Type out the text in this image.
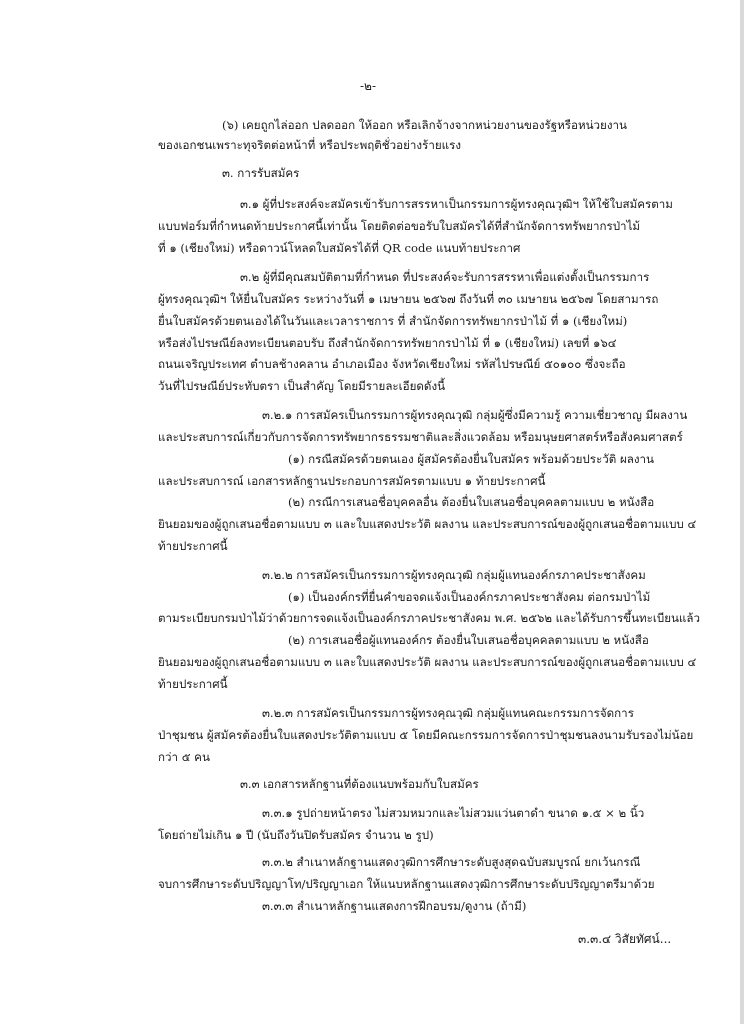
-๒-
(๖) เคยถูกไล่ออก ปลดออก ให้ออก หรือเลิกจ้างจากหน่วยงานของรัฐหรือหน่วยงาน
ของเอกชนเพราะทุจริตต่อหน้าที่ หรือประพฤติชั่วอย่างร้ายแรง
๓. การรับสมัคร
๓.๑ ผู้ที่ประสงค์จะสมัครเข้ารับการสรรหาเป็นกรรมการผู้ทรงคุณวุฒิฯ ให้ใช้ใบสมัครตาม
แบบฟอร์มที่กำหนดท้ายประกาศนี้เท่านั้น โดยติดต่อขอรับใบสมัครได้ที่สำนักจัดการทรัพยากรป่าไม้
ที่ ๑ (เชียงใหม่) หรือดาวน์โหลดใบสมัครได้ที่ QR code แนบท้ายประกาศ
๓.๒ ผู้ที่มีคุณสมบัติตามที่กำหนด ที่ประสงค์จะรับการสรรหาเพื่อแต่งตั้งเป็นกรรมการ
ผู้ทรงคุณวุฒิฯ ให้ยื่นใบสมัคร ระหว่างวันที่ ๑ เมษายน ๒๕๖๗ ถึงวันที่ ๓๐ เมษายน ๒๕๖๗ โดยสามารถ
ยื่นใบสมัครด้วยตนเองได้ในวันและเวลาราชการ ที่ สำนักจัดการทรัพยากรป่าไม้ ที่ ๑ (เชียงใหม่)
หรือส่งไปรษณีย์ลงทะเบียนตอบรับ ถึงสำนักจัดการทรัพยากรป่าไม้ ที่ ๑ (เชียงใหม่) เลขที่ ๑๖๔
ถนนเจริญประเทศ ตำบลช้างคลาน อำเภอเมือง จังหวัดเชียงใหม่ รหัสไปรษณีย์ ๕๐๑๐๐ ซึ่งจะถือ
วันที่ไปรษณีย์ประทับตรา เป็นสำคัญ โดยมีรายละเอียดดังนี้
๓.๒.๑ การสมัครเป็นกรรมการผู้ทรงคุณวุฒิ กลุ่มผู้ซึ่งมีความรู้ ความเชี่ยวชาญ มีผลงาน
และประสบการณ์เกี่ยวกับการจัดการทรัพยากรธรรมชาติและสิ่งแวดล้อม หรือมนุษยศาสตร์หรือสังคมศาสตร์
(๑) กรณีสมัครด้วยตนเอง ผู้สมัครต้องยื่นใบสมัคร พร้อมด้วยประวัติ ผลงาน
และประสบการณ์ เอกสารหลักฐานประกอบการสมัครตามแบบ ๑ ท้ายประกาศนี้
(๒) กรณีการเสนอชื่อบุคคลอื่น ต้องยื่นใบเสนอชื่อบุคคลตามแบบ ๒ หนังสือ
ยินยอมของผู้ถูกเสนอชื่อตามแบบ ๓ และใบแสดงประวัติ ผลงาน และประสบการณ์ของผู้ถูกเสนอชื่อตามแบบ ๔
ท้ายประกาศนี้
๓.๒.๒ การสมัครเป็นกรรมการผู้ทรงคุณวุฒิ กลุ่มผู้แทนองค์กรภาคประชาสังคม
(๑) เป็นองค์กรที่ยื่นคำขอจดแจ้งเป็นองค์กรภาคประชาสังคม ต่อกรมป่าไม้
ตามระเบียบกรมป่าไม้ว่าด้วยการจดแจ้งเป็นองค์กรภาคประชาสังคม พ.ศ. ๒๕๖๒ และได้รับการขึ้นทะเบียนแล้ว
(๒) การเสนอชื่อผู้แทนองค์กร ต้องยื่นใบเสนอชื่อบุคคลตามแบบ ๒ หนังสือ
ยินยอมของผู้ถูกเสนอชื่อตามแบบ ๓ และใบแสดงประวัติ ผลงาน และประสบการณ์ของผู้ถูกเสนอชื่อตามแบบ ๔
ท้ายประกาศนี้
๓.๒.๓ การสมัครเป็นกรรมการผู้ทรงคุณวุฒิ กลุ่มผู้แทนคณะกรรมการจัดการ
ป่าชุมชน ผู้สมัครต้องยื่นใบแสดงประวัติตามแบบ ๕ โดยมีคณะกรรมการจัดการป่าชุมชนลงนามรับรองไม่น้อย
กว่า ๕ คน
๓.๓ เอกสารหลักฐานที่ต้องแนบพร้อมกับใบสมัคร
๓.๓.๑ รูปถ่ายหน้าตรง ไม่สวมหมวกและไม่สวมแว่นตาดำ ขนาด ๑.๕ × ๒ นิ้ว
โดยถ่ายไม่เกิน ๑ ปี (นับถึงวันปิดรับสมัคร จำนวน ๒ รูป)
๓.๓.๒ สำเนาหลักฐานแสดงวุฒิการศึกษาระดับสูงสุดฉบับสมบูรณ์ ยกเว้นกรณี
จบการศึกษาระดับปริญญาโท/ปริญญาเอก ให้แนบหลักฐานแสดงวุฒิการศึกษาระดับปริญญาตรีมาด้วย
๓.๓.๓ สำเนาหลักฐานแสดงการฝึกอบรม/ดูงาน (ถ้ามี)
๓.๓.๔ วิสัยทัศน์...
